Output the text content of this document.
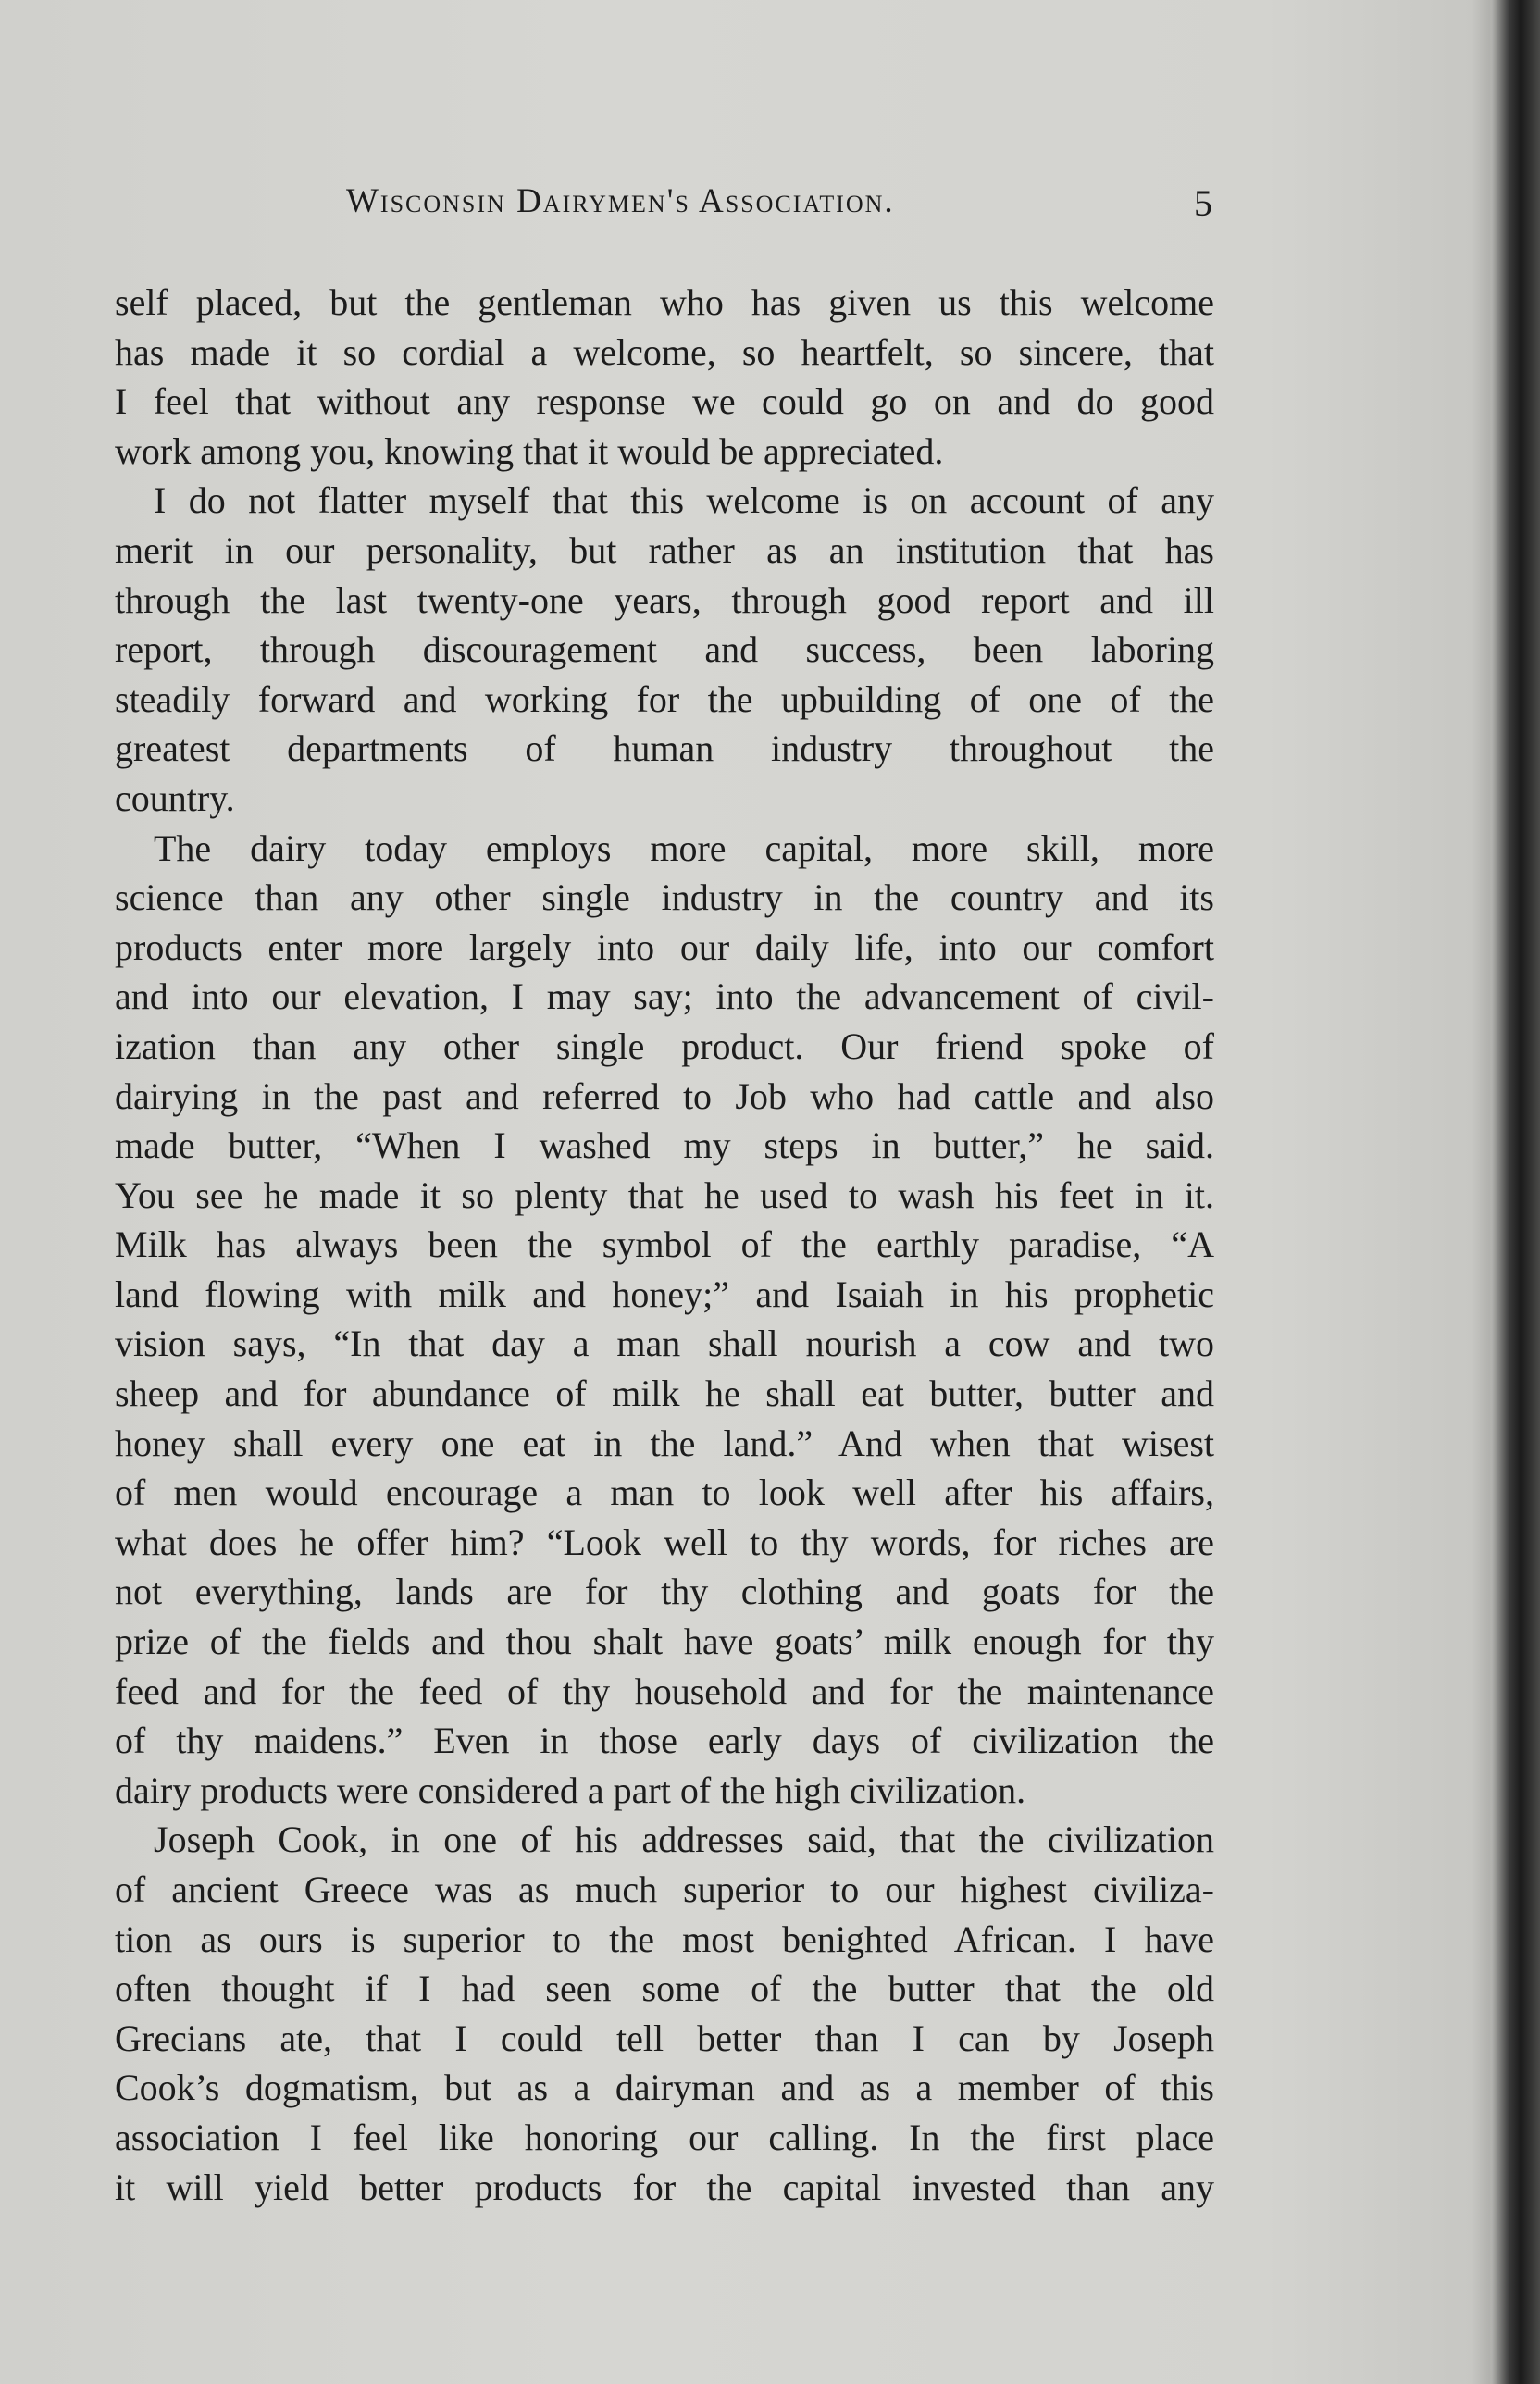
Wisconsin Dairymen's Association.	5
self placed, but the gentleman who has given us this welcome
has made it so cordial a welcome, so heartfelt, so sincere, that
I feel that without any response we could go on and do good
work among you, knowing that it would be appreciated.
I do not flatter myself that this welcome is on account of any
merit in our personality, but rather as an institution that has
through the last twenty-one years, through good report and ill
report, through discouragement and success, been laboring
steadily forward and working for the upbuilding of one of the
greatest departments of human industry throughout the
country.
The dairy today employs more capital, more skill, more
science than any other single industry in the country and its
products enter more largely into our daily life, into our comfort
and into our elevation, I may say; into the advancement of civil-
ization than any other single product. Our friend spoke of
dairying in the past and referred to Job who had cattle and also
made butter, “When I washed my steps in butter,” he said.
You see he made it so plenty that he used to wash his feet in it.
Milk has always been the symbol of the earthly paradise, “A
land flowing with milk and honey;” and Isaiah in his prophetic
vision says, “In that day a man shall nourish a cow and two
sheep and for abundance of milk he shall eat butter, butter and
honey shall every one eat in the land.” And when that wisest
of men would encourage a man to look well after his affairs,
what does he offer him? “Look well to thy words, for riches are
not everything, lands are for thy clothing and goats for the
prize of the fields and thou shalt have goats’ milk enough for thy
feed and for the feed of thy household and for the maintenance
of thy maidens.” Even in those early days of civilization the
dairy products were considered a part of the high civilization.
Joseph Cook, in one of his addresses said, that the civilization
of ancient Greece was as much superior to our highest civiliza-
tion as ours is superior to the most benighted African. I have
often thought if I had seen some of the butter that the old
Grecians ate, that I could tell better than I can by Joseph
Cook’s dogmatism, but as a dairyman and as a member of this
association I feel like honoring our calling. In the first place
it will yield better products for the capital invested than any
